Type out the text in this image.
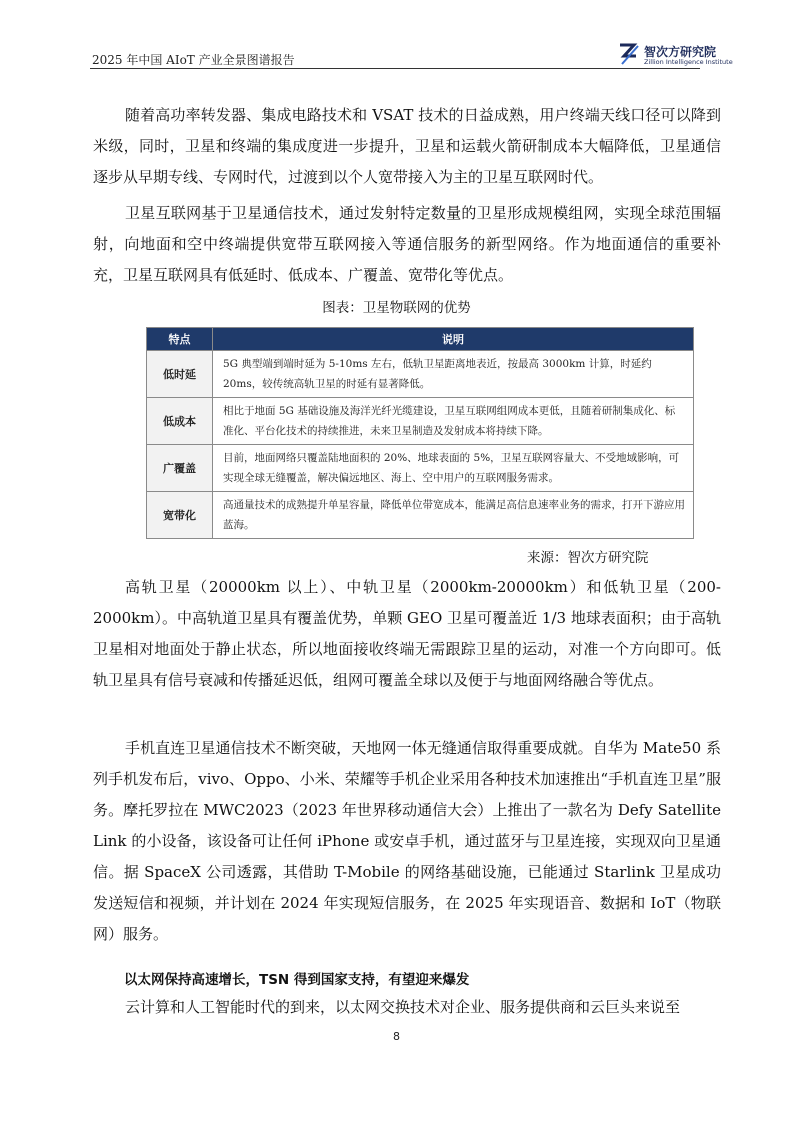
2025 年中国 AIoT 产业全景图谱报告
智次方研究院
Zillion Intelligence Institute

随着高功率转发器、集成电路技术和 VSAT 技术的日益成熟，用户终端天线口径可以降到米级，同时，卫星和终端的集成度进一步提升，卫星和运载火箭研制成本大幅降低，卫星通信逐步从早期专线、专网时代，过渡到以个人宽带接入为主的卫星互联网时代。

卫星互联网基于卫星通信技术，通过发射特定数量的卫星形成规模组网，实现全球范围辐射，向地面和空中终端提供宽带互联网接入等通信服务的新型网络。作为地面通信的重要补充，卫星互联网具有低延时、低成本、广覆盖、宽带化等优点。

图表：卫星物联网的优势
特点	说明
低时延	5G 典型端到端时延为 5-10ms 左右，低轨卫星距离地表近，按最高 3000km 计算，时延约 20ms，较传统高轨卫星的时延有显著降低。
低成本	相比于地面 5G 基础设施及海洋光纤光缆建设，卫星互联网组网成本更低，且随着研制集成化、标准化、平台化技术的持续推进，未来卫星制造及发射成本将持续下降。
广覆盖	目前，地面网络只覆盖陆地面积的 20%、地球表面的 5%，卫星互联网容量大、不受地域影响，可实现全球无缝覆盖，解决偏远地区、海上、空中用户的互联网服务需求。
宽带化	高通量技术的成熟提升单星容量，降低单位带宽成本，能满足高信息速率业务的需求，打开下游应用蓝海。
来源：智次方研究院

高轨卫星（20000km 以上）、中轨卫星（2000km-20000km）和低轨卫星（200-2000km）。中高轨道卫星具有覆盖优势，单颗 GEO 卫星可覆盖近 1/3 地球表面积；由于高轨卫星相对地面处于静止状态，所以地面接收终端无需跟踪卫星的运动，对准一个方向即可。低轨卫星具有信号衰减和传播延迟低，组网可覆盖全球以及便于与地面网络融合等优点。

手机直连卫星通信技术不断突破，天地网一体无缝通信取得重要成就。自华为 Mate50 系列手机发布后，vivo、Oppo、小米、荣耀等手机企业采用各种技术加速推出“手机直连卫星”服务。摩托罗拉在 MWC2023（2023 年世界移动通信大会）上推出了一款名为 Defy Satellite Link 的小设备，该设备可让任何 iPhone 或安卓手机，通过蓝牙与卫星连接，实现双向卫星通信。据 SpaceX 公司透露，其借助 T-Mobile 的网络基础设施，已能通过 Starlink 卫星成功发送短信和视频，并计划在 2024 年实现短信服务，在 2025 年实现语音、数据和 IoT（物联网）服务。

以太网保持高速增长，TSN 得到国家支持，有望迎来爆发

云计算和人工智能时代的到来，以太网交换技术对企业、服务提供商和云巨头来说至

8
